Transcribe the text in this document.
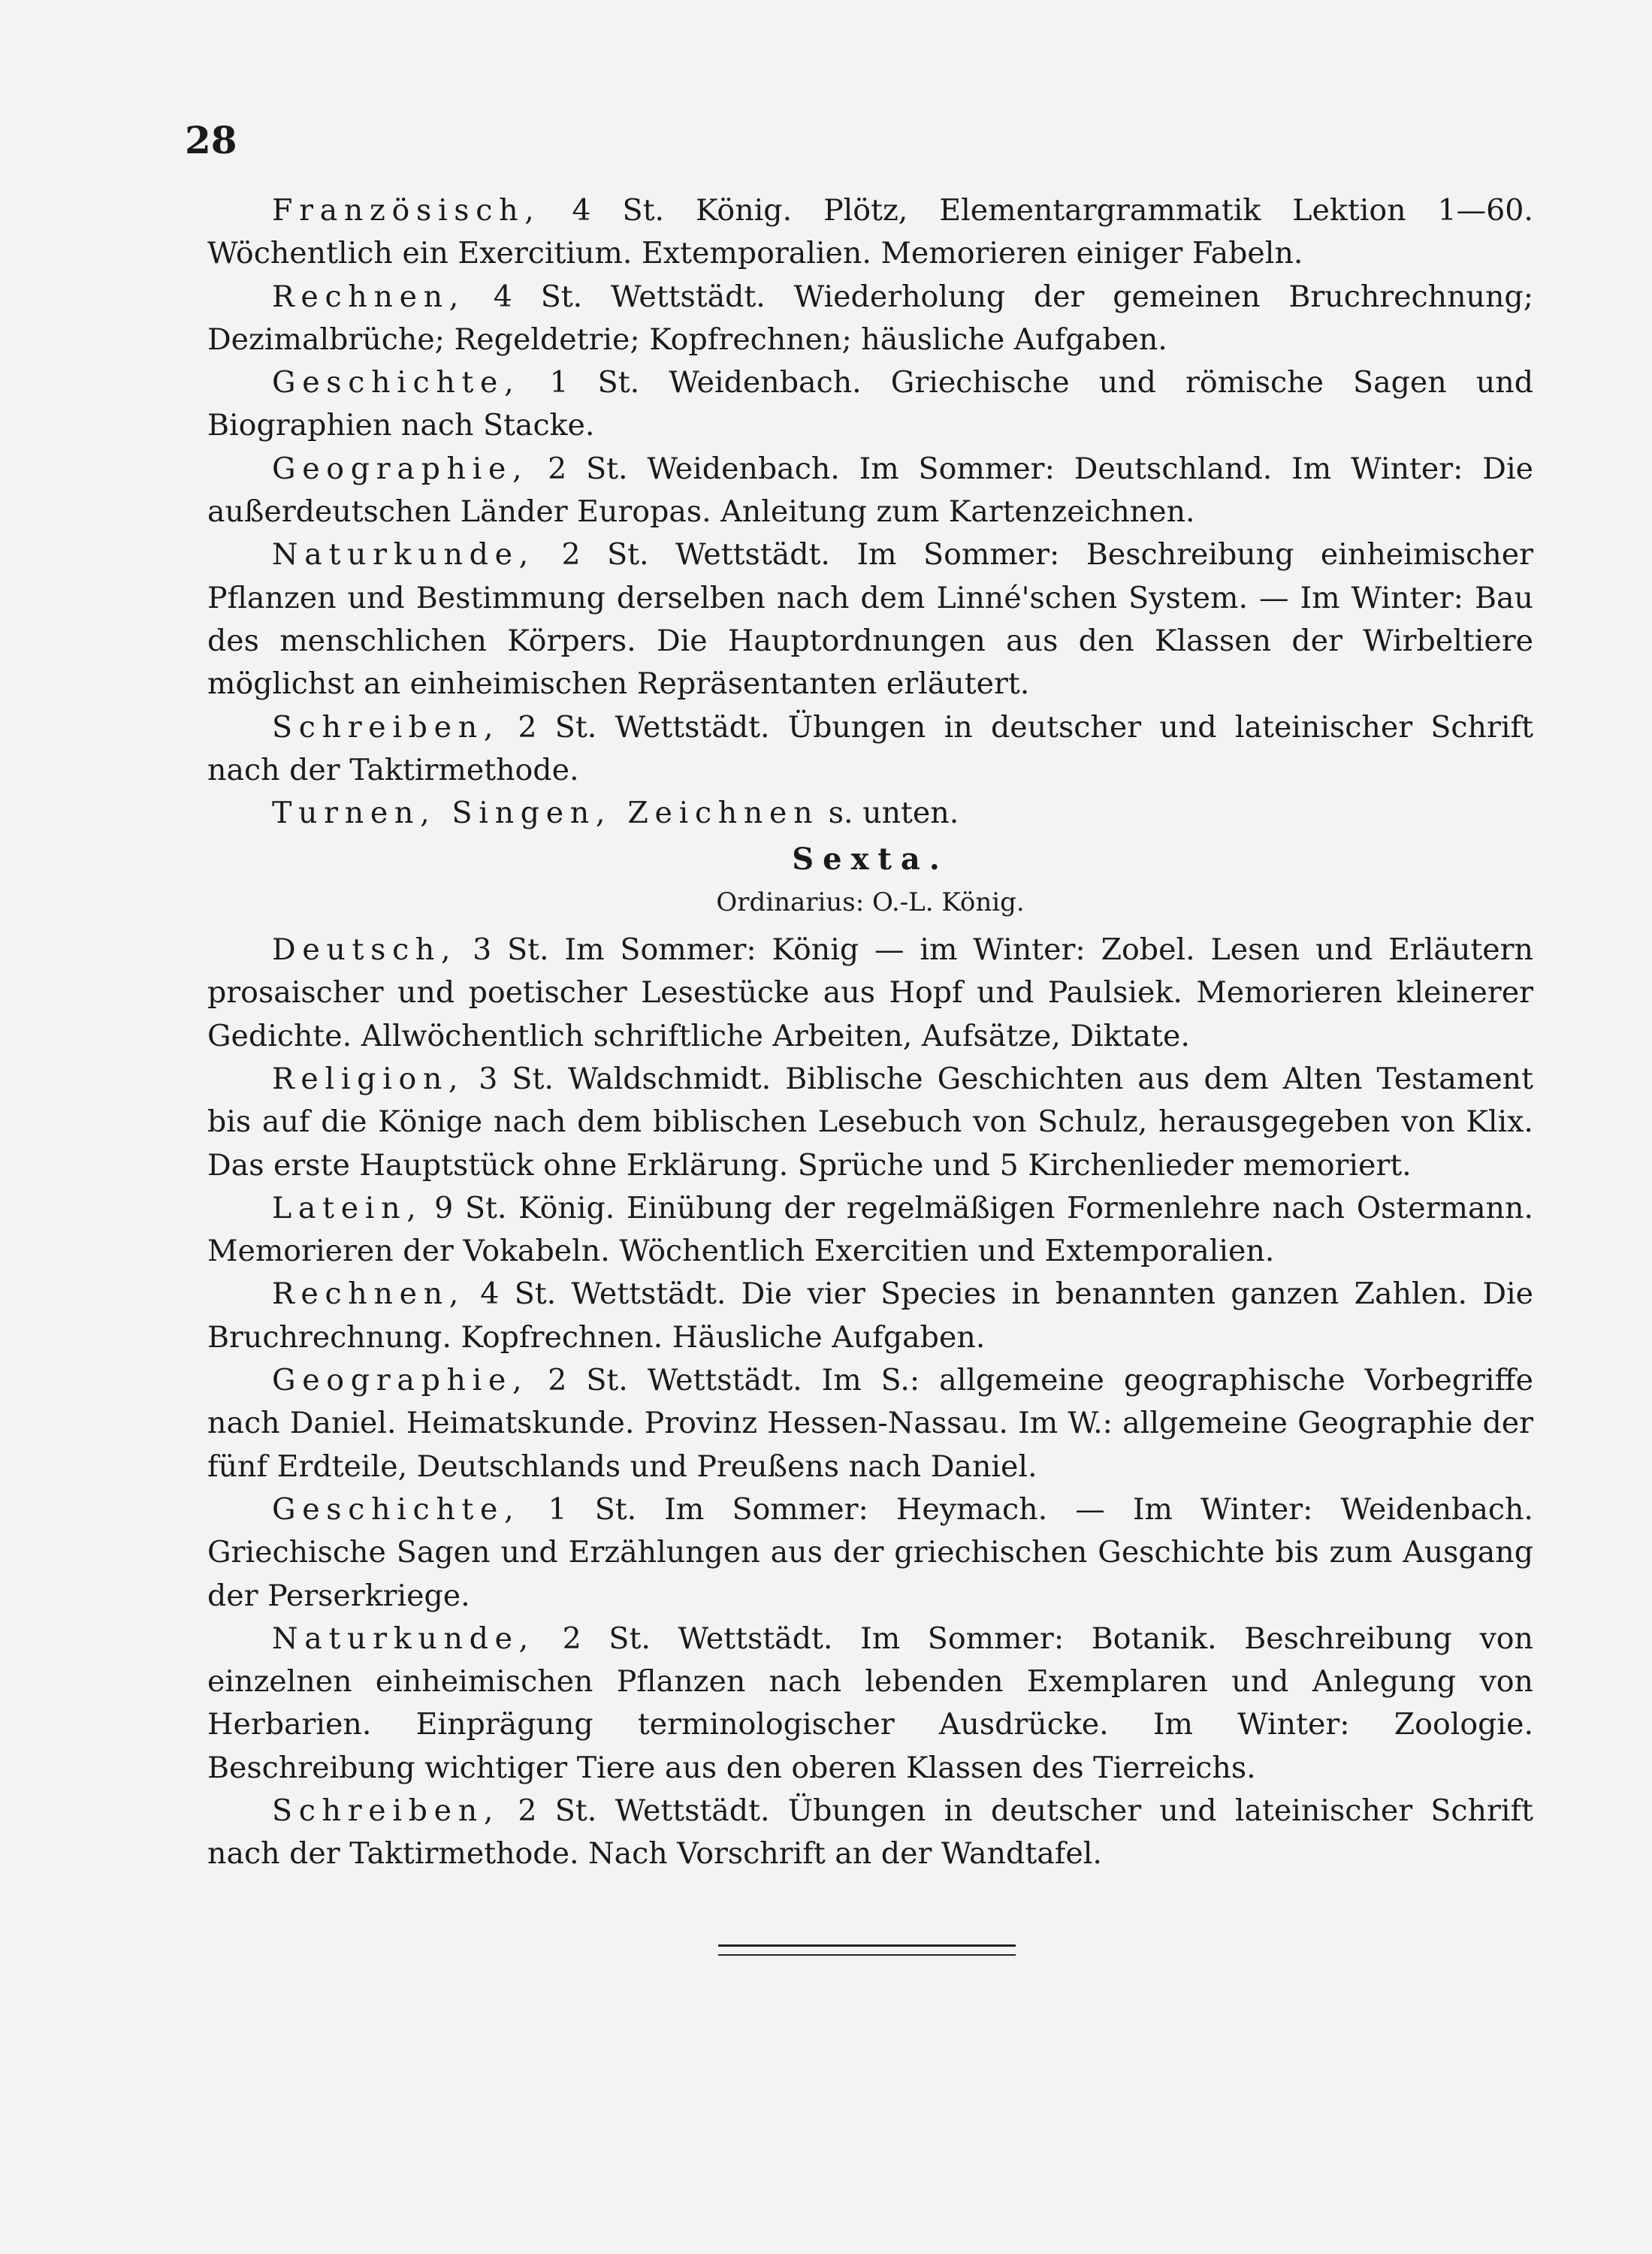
28

Französisch, 4 St. König. Plötz, Elementargrammatik Lektion 1—60. Wöchentlich ein Exercitium. Extemporalien. Memorieren einiger Fabeln.

Rechnen, 4 St. Wettstädt. Wiederholung der gemeinen Bruchrechnung; Dezimalbrüche; Regeldetrie; Kopfrechnen; häusliche Aufgaben.

Geschichte, 1 St. Weidenbach. Griechische und römische Sagen und Biographien nach Stacke.

Geographie, 2 St. Weidenbach. Im Sommer: Deutschland. Im Winter: Die außerdeutschen Länder Europas. Anleitung zum Kartenzeichnen.

Naturkunde, 2 St. Wettstädt. Im Sommer: Beschreibung einheimischer Pflanzen und Bestimmung derselben nach dem Linné'schen System. — Im Winter: Bau des menschlichen Körpers. Die Hauptordnungen aus den Klassen der Wirbeltiere möglichst an einheimischen Repräsentanten erläutert.

Schreiben, 2 St. Wettstädt. Übungen in deutscher und lateinischer Schrift nach der Taktirmethode.

Turnen, Singen, Zeichnen s. unten.

Sexta.

Ordinarius: O.-L. König.

Deutsch, 3 St. Im Sommer: König — im Winter: Zobel. Lesen und Erläutern prosaischer und poetischer Lesestücke aus Hopf und Paulsiek. Memorieren kleinerer Gedichte. Allwöchentlich schriftliche Arbeiten, Aufsätze, Diktate.

Religion, 3 St. Waldschmidt. Biblische Geschichten aus dem Alten Testament bis auf die Könige nach dem biblischen Lesebuch von Schulz, herausgegeben von Klix. Das erste Hauptstück ohne Erklärung. Sprüche und 5 Kirchenlieder memoriert.

Latein, 9 St. König. Einübung der regelmäßigen Formenlehre nach Ostermann. Memorieren der Vokabeln. Wöchentlich Exercitien und Extemporalien.

Rechnen, 4 St. Wettstädt. Die vier Species in benannten ganzen Zahlen. Die Bruchrechnung. Kopfrechnen. Häusliche Aufgaben.

Geographie, 2 St. Wettstädt. Im S.: allgemeine geographische Vorbegriffe nach Daniel. Heimatskunde. Provinz Hessen-Nassau. Im W.: allgemeine Geographie der fünf Erdteile, Deutschlands und Preußens nach Daniel.

Geschichte, 1 St. Im Sommer: Heymach. — Im Winter: Weidenbach. Griechische Sagen und Erzählungen aus der griechischen Geschichte bis zum Ausgang der Perserkriege.

Naturkunde, 2 St. Wettstädt. Im Sommer: Botanik. Beschreibung von einzelnen einheimischen Pflanzen nach lebenden Exemplaren und Anlegung von Herbarien. Einprägung terminologischer Ausdrücke. Im Winter: Zoologie. Beschreibung wichtiger Tiere aus den oberen Klassen des Tierreichs.

Schreiben, 2 St. Wettstädt. Übungen in deutscher und lateinischer Schrift nach der Taktirmethode. Nach Vorschrift an der Wandtafel.
